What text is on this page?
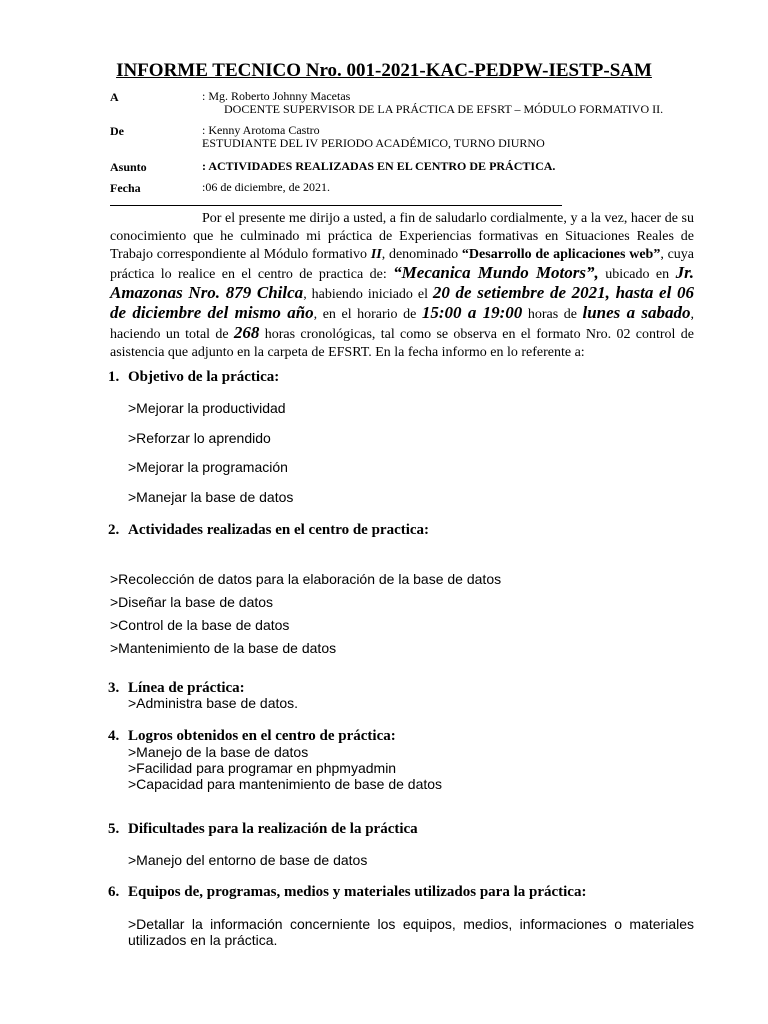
INFORME TECNICO Nro. 001-2021-KAC-PEDPW-IESTP-SAM
A	: Mg. Roberto Johnny Macetas
DOCENTE SUPERVISOR DE LA PRÁCTICA DE EFSRT – MÓDULO FORMATIVO II.
De	: Kenny Arotoma Castro
ESTUDIANTE DEL IV PERIODO ACADÉMICO, TURNO DIURNO
Asunto	: ACTIVIDADES REALIZADAS EN EL CENTRO DE PRÁCTICA.
Fecha	:06 de diciembre, de 2021.
Por el presente me dirijo a usted, a fin de saludarlo cordialmente, y a la vez, hacer de su conocimiento que he culminado mi práctica de Experiencias formativas en Situaciones Reales de Trabajo correspondiente al Módulo formativo II, denominado “Desarrollo de aplicaciones web”, cuya práctica lo realice en el centro de practica de: “Mecanica Mundo Motors”, ubicado en Jr. Amazonas Nro. 879 Chilca, habiendo iniciado el 20 de setiembre de 2021, hasta el 06 de diciembre del mismo año, en el horario de 15:00 a 19:00 horas de lunes a sabado, haciendo un total de 268 horas cronológicas, tal como se observa en el formato Nro. 02 control de asistencia que adjunto en la carpeta de EFSRT. En la fecha informo en lo referente a:
1. Objetivo de la práctica:
>Mejorar la productividad
>Reforzar lo aprendido
>Mejorar la programación
>Manejar la base de datos
2. Actividades realizadas en el centro de practica:
>Recolección de datos para la elaboración de la base de datos
>Diseñar la base de datos
>Control de la base de datos
>Mantenimiento de la base de datos
3. Línea de práctica:
>Administra base de datos.
4. Logros obtenidos en el centro de práctica:
>Manejo de la base de datos
>Facilidad para programar en phpmyadmin
>Capacidad para mantenimiento de base de datos
5. Dificultades para la realización de la práctica
>Manejo del entorno de base de datos
6. Equipos de, programas, medios y materiales utilizados para la práctica:
>Detallar la información concerniente los equipos, medios, informaciones o materiales utilizados en la práctica.
